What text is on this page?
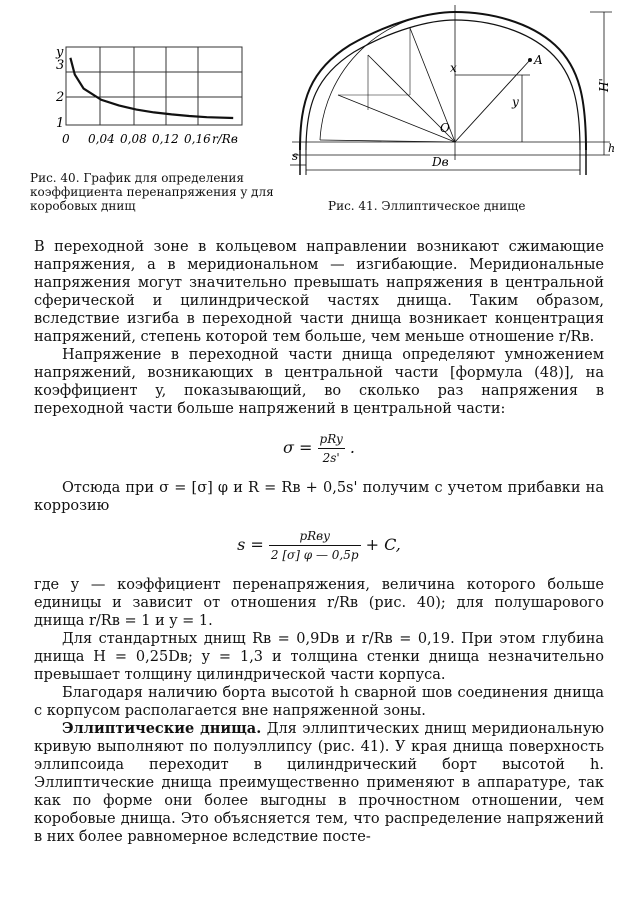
y
3
2
1
0 0,04 0,08 0,12 0,16 r/Rв
Рис. 40. График для определения коэффициента перенапряжения y для коробовых днищ
x
A
y
H'
O
s
h
Dв
Рис. 41. Эллиптическое днище

В переходной зоне в кольцевом направлении возникают сжимающие напряжения, а в меридиональном — изгибающие. Меридиональные напряжения могут значительно превышать напряжения в центральной сферической и цилиндрической частях днища. Таким образом, вследствие изгиба в переходной части днища возникает концентрация напряжений, степень которой тем больше, чем меньше отношение r/Rв.

Напряжение в переходной части днища определяют умножением напряжений, возникающих в центральной части [формула (48)], на коэффициент y, показывающий, во сколько раз напряжения в переходной части больше напряжений в центральной части:

$\sigma = \frac{\text{pRy}}{2s'}$ .

Отсюда при σ = [σ] φ и R = Rв + 0,5s' получим с учетом прибавки на коррозию

$s = \frac{\text{pRвy}}{2 [\sigma] \varphi — 0,5p} + C$,

где y — коэффициент перенапряжения, величина которого больше единицы и зависит от отношения r/Rв (рис. 40); для полушарового днища r/Rв = 1 и y = 1.

Для стандартных днищ Rв = 0,9Dв и r/Rв = 0,19. При этом глубина днища H = 0,25Dв; y = 1,3 и толщина стенки днища незначительно превышает толщину цилиндрической части корпуса.

Благодаря наличию борта высотой h сварной шов соединения днища с корпусом располагается вне напряженной зоны.

Эллиптические днища. Для эллиптических днищ меридиональную кривую выполняют по полуэллипсу (рис. 41). У края днища поверхность эллипсоида переходит в цилиндрический борт высотой h. Эллиптические днища преимущественно применяют в аппаратуре, так как по форме они более выгодны в прочностном отношении, чем коробовые днища. Это объясняется тем, что распределение напряжений в них более равномерное вследствие посте-
